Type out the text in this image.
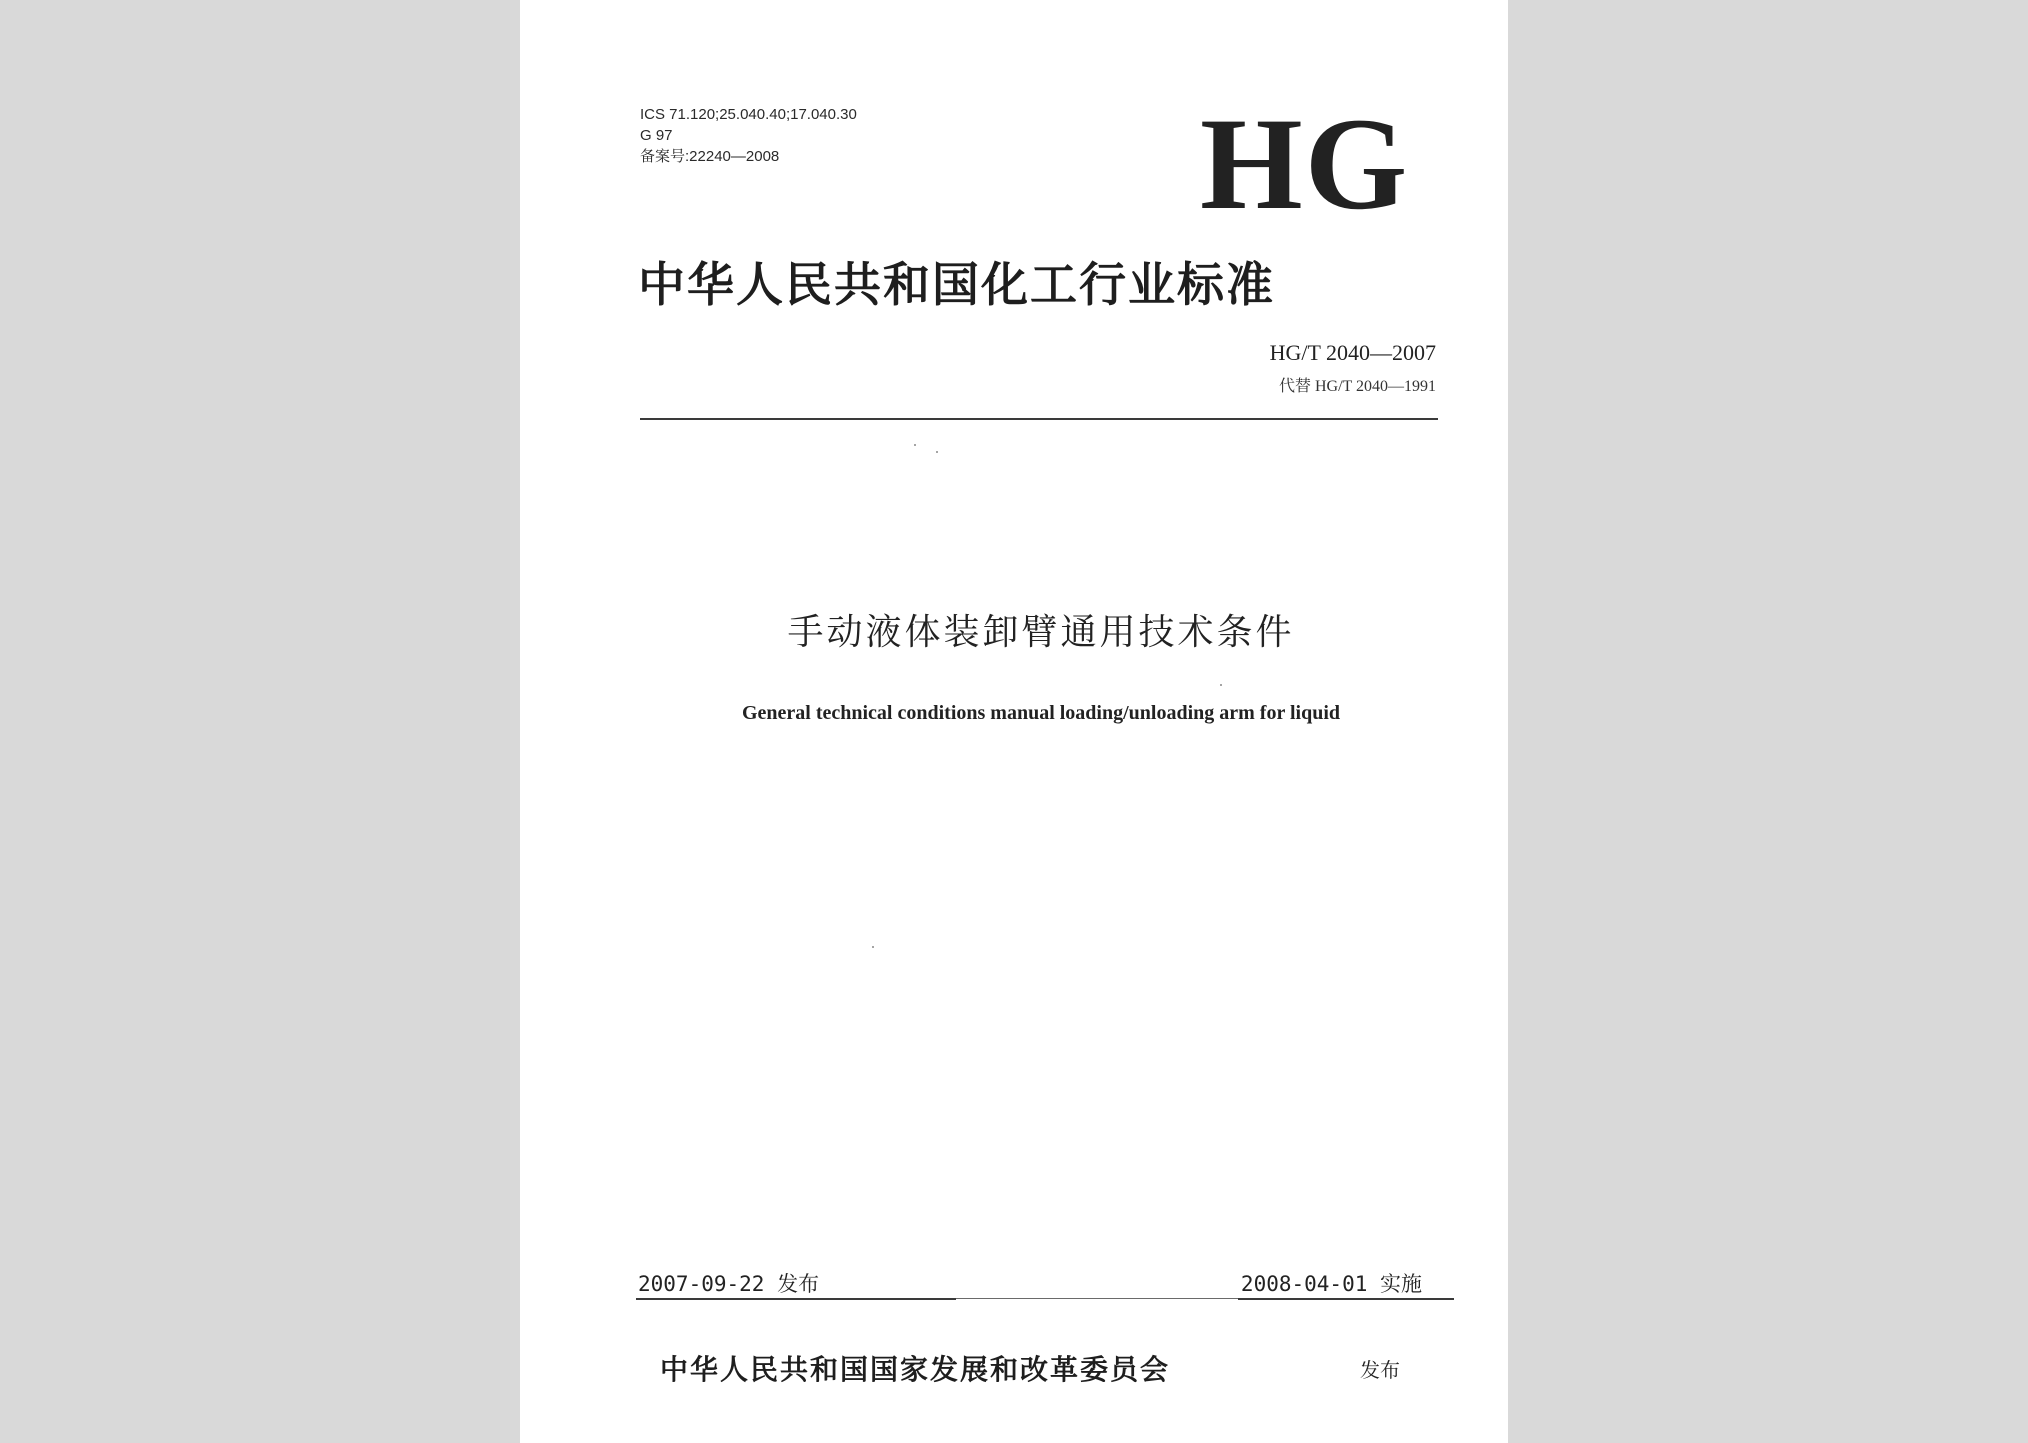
ICS 71.120;25.040.40;17.040.30
G 97
备案号:22240—2008	HG
中华人民共和国化工行业标准
HG/T 2040—2007
代替 HG/T 2040—1991
手动液体装卸臂通用技术条件
General technical conditions manual loading/unloading arm for liquid
2007-09-22 发布	2008-04-01 实施
中华人民共和国国家发展和改革委员会	发布
